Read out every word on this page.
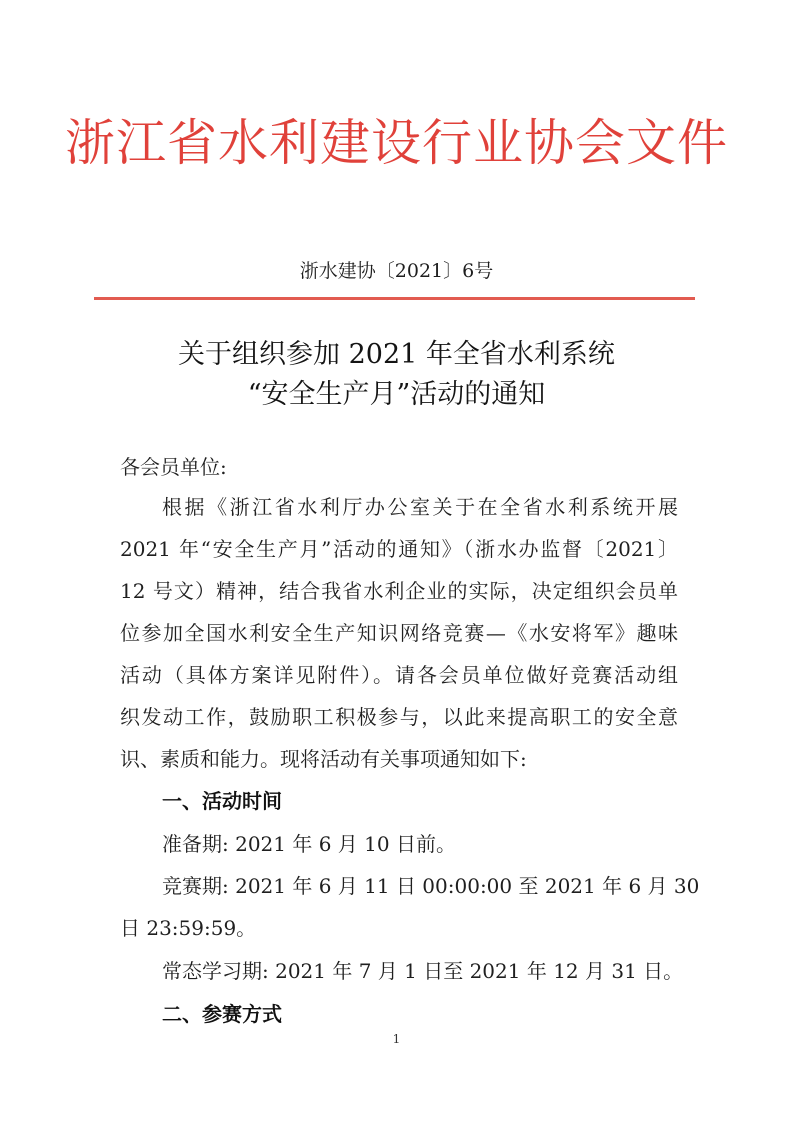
浙江省水利建设行业协会文件
浙水建协〔2021〕6号
关于组织参加 2021 年全省水利系统
“安全生产月”活动的通知
各会员单位:
根据《浙江省水利厅办公室关于在全省水利系统开展
2021 年“安全生产月”活动的通知》（浙水办监督〔2021〕
12 号文）精神，结合我省水利企业的实际，决定组织会员单
位参加全国水利安全生产知识网络竞赛—《水安将军》趣味
活动（具体方案详见附件）。请各会员单位做好竞赛活动组
织发动工作，鼓励职工积极参与，以此来提高职工的安全意
识、素质和能力。现将活动有关事项通知如下:
一、活动时间
准备期: 2021 年 6 月 10 日前。
竞赛期: 2021 年 6 月 11 日 00:00:00 至 2021 年 6 月 30
日 23:59:59。
常态学习期: 2021 年 7 月 1 日至 2021 年 12 月 31 日。
二、参赛方式
1
